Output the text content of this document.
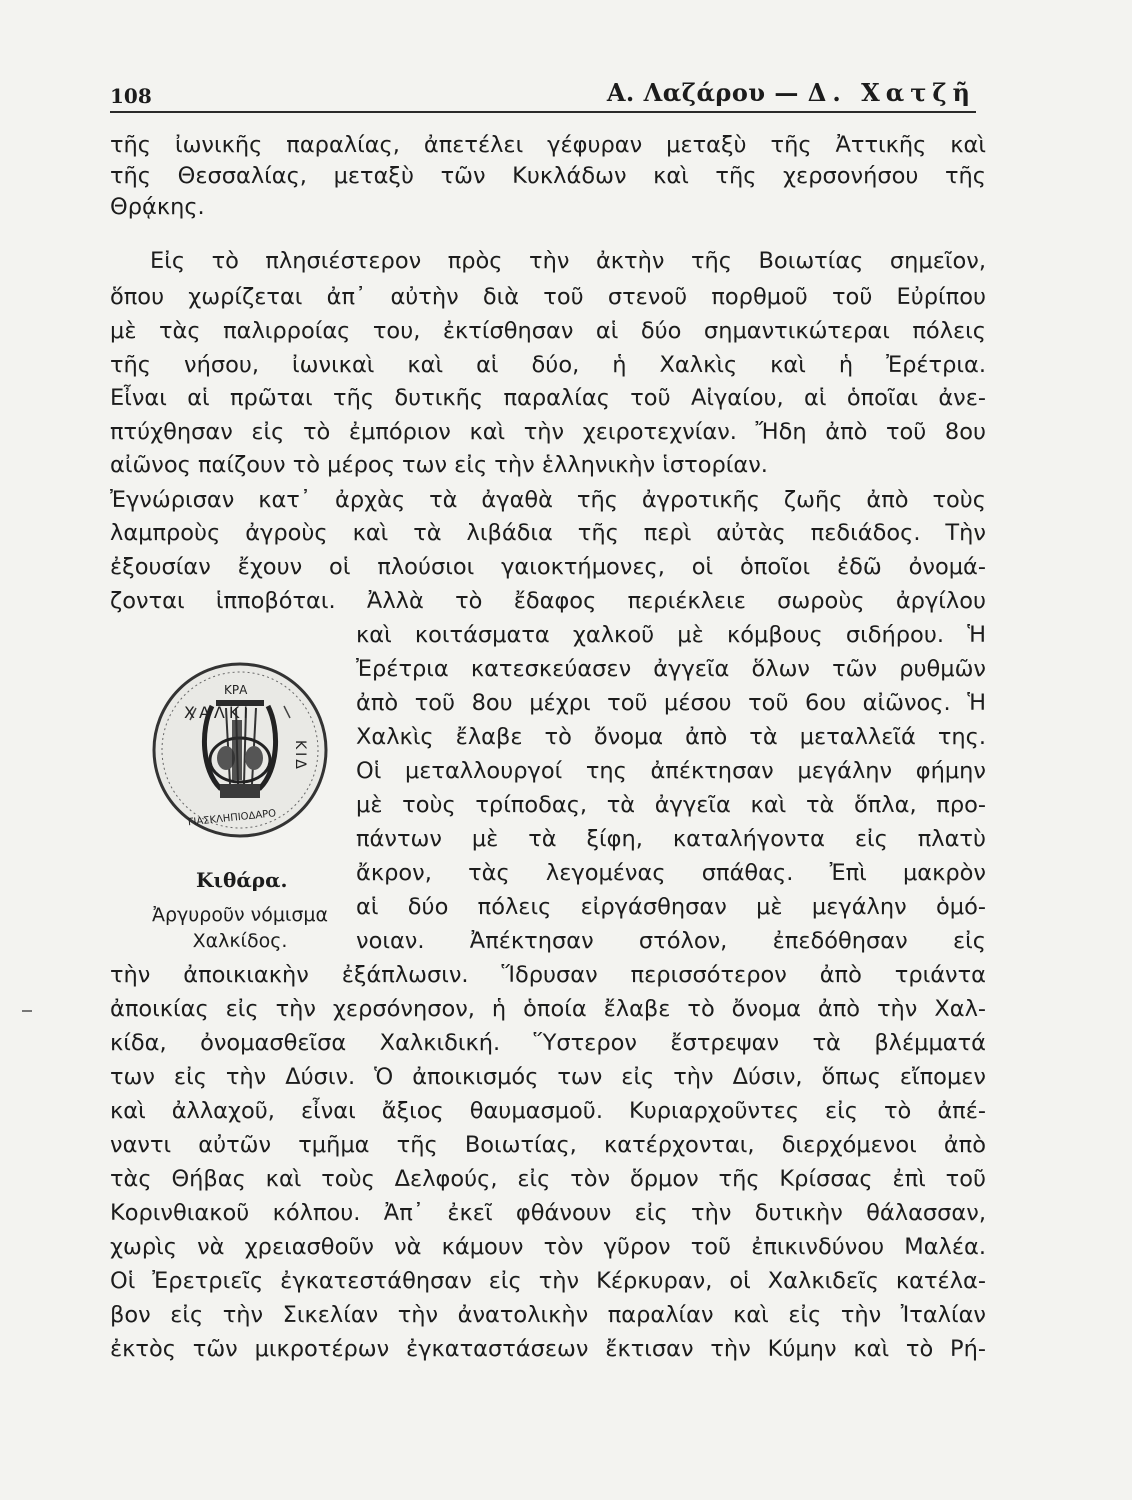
108	Α. Λαζάρου — Δ. Χατζῆ
τῆς ἰωνικῆς παραλίας, ἀπετέλει γέφυραν μεταξὺ τῆς Ἀττικῆς καὶ
τῆς Θεσσαλίας, μεταξὺ τῶν Κυκλάδων καὶ τῆς χερσονήσου τῆς
Θρᾴκης.
Εἰς τὸ πλησιέστερον πρὸς τὴν ἀκτὴν τῆς Βοιωτίας σημεῖον,
ὅπου χωρίζεται ἀπ᾽ αὐτὴν διὰ τοῦ στενοῦ πορθμοῦ τοῦ Εὐρίπου
μὲ τὰς παλιρροίας του, ἐκτίσθησαν αἱ δύο σημαντικώτεραι πόλεις
τῆς νήσου, ἰωνικαὶ καὶ αἱ δύο, ἡ Χαλκὶς καὶ ἡ Ἐρέτρια.
Εἶναι αἱ πρῶται τῆς δυτικῆς παραλίας τοῦ Αἰγαίου, αἱ ὁποῖαι ἀνε-
πτύχθησαν εἰς τὸ ἐμπόριον καὶ τὴν χειροτεχνίαν. Ἤδη ἀπὸ τοῦ 8ου
αἰῶνος παίζουν τὸ μέρος των εἰς τὴν ἑλληνικὴν ἱστορίαν.
Ἐγνώρισαν κατ᾽ ἀρχὰς τὰ ἀγαθὰ τῆς ἀγροτικῆς ζωῆς ἀπὸ τοὺς
λαμπροὺς ἀγροὺς καὶ τὰ λιβάδια τῆς περὶ αὐτὰς πεδιάδος. Τὴν
ἐξουσίαν ἔχουν οἱ πλούσιοι γαιοκτήμονες, οἱ ὁποῖοι ἐδῶ ὀνομά-
ζονται ἱπποβόται. Ἀλλὰ τὸ ἔδαφος περιέκλειε σωροὺς ἀργίλου
καὶ κοιτάσματα χαλκοῦ μὲ κόμβους σιδήρου. Ἡ
Ἐρέτρια κατεσκεύασεν ἀγγεῖα ὅλων τῶν ρυθμῶν
ἀπὸ τοῦ 8ου μέχρι τοῦ μέσου τοῦ 6ου αἰῶνος. Ἡ
Χαλκὶς ἔλαβε τὸ ὄνομα ἀπὸ τὰ μεταλλεῖά της.
Οἱ μεταλλουργοί της ἀπέκτησαν μεγάλην φήμην
μὲ τοὺς τρίποδας, τὰ ἀγγεῖα καὶ τὰ ὅπλα, προ-
πάντων μὲ τὰ ξίφη, καταλήγοντα εἰς πλατὺ
ἄκρον, τὰς λεγομένας σπάθας. Ἐπὶ μακρὸν
αἱ δύο πόλεις εἰργάσθησαν μὲ μεγάλην ὁμό-
νοιαν. Ἀπέκτησαν στόλον, ἐπεδόθησαν εἰς
τὴν ἀποικιακὴν ἐξάπλωσιν. Ἵδρυσαν περισσότερον ἀπὸ τριάντα
ἀποικίας εἰς τὴν χερσόνησον, ἡ ὁποία ἔλαβε τὸ ὄνομα ἀπὸ τὴν Χαλ-
κίδα, ὀνομασθεῖσα Χαλκιδική. Ὕστερον ἔστρεψαν τὰ βλέμματά
των εἰς τὴν Δύσιν. Ὁ ἀποικισμός των εἰς τὴν Δύσιν, ὅπως εἴπομεν
καὶ ἀλλαχοῦ, εἶναι ἄξιος θαυμασμοῦ. Κυριαρχοῦντες εἰς τὸ ἀπέ-
ναντι αὐτῶν τμῆμα τῆς Βοιωτίας, κατέρχονται, διερχόμενοι ἀπὸ
τὰς Θήβας καὶ τοὺς Δελφούς, εἰς τὸν ὅρμον τῆς Κρίσσας ἐπὶ τοῦ
Κορινθιακοῦ κόλπου. Ἀπ᾽ ἐκεῖ φθάνουν εἰς τὴν δυτικὴν θάλασσαν,
χωρὶς νὰ χρειασθοῦν νὰ κάμουν τὸν γῦρον τοῦ ἐπικινδύνου Μαλέα.
Οἱ Ἐρετριεῖς ἐγκατεστάθησαν εἰς τὴν Κέρκυραν, οἱ Χαλκιδεῖς κατέλα-
βον εἰς τὴν Σικελίαν τὴν ἀνατολικὴν παραλίαν καὶ εἰς τὴν Ἰταλίαν
ἐκτὸς τῶν μικροτέρων ἐγκαταστάσεων ἔκτισαν τὴν Κύμην καὶ τὸ Ρή-
ΚΡΑ
ΧΑΛΚΙ
ΚΙΔ
ΓΙΑΣΚΛΗΠΙΟΔΑΡΟ
Κιθάρα.
Ἀργυροῦν νόμισμα Χαλκίδος.
